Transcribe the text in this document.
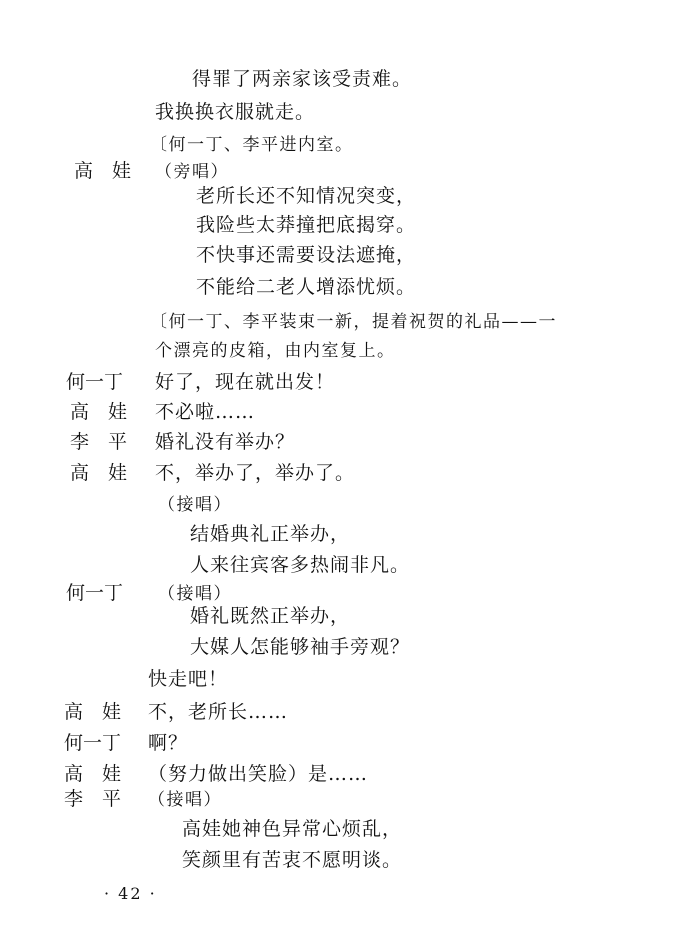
得罪了两亲家该受责难。
我换换衣服就走。
〔何一丁、李平进内室。
高　娃 （旁唱）
老所长还不知情况突变，
我险些太莽撞把底揭穿。
不快事还需要设法遮掩，
不能给二老人增添忧烦。
〔何一丁、李平装束一新，提着祝贺的礼品——一
个漂亮的皮箱，由内室复上。
何一丁 好了，现在就出发！
高　娃 不必啦……
李　平 婚礼没有举办？
高　娃 不，举办了，举办了。
（接唱）
结婚典礼正举办，
人来往宾客多热闹非凡。
何一丁 （接唱）
婚礼既然正举办，
大媒人怎能够袖手旁观？
快走吧！
高　娃 不，老所长……
何一丁 啊？
高　娃 （努力做出笑脸）是……
李　平 （接唱）
高娃她神色异常心烦乱，
笑颜里有苦衷不愿明谈。
· 42 ·
